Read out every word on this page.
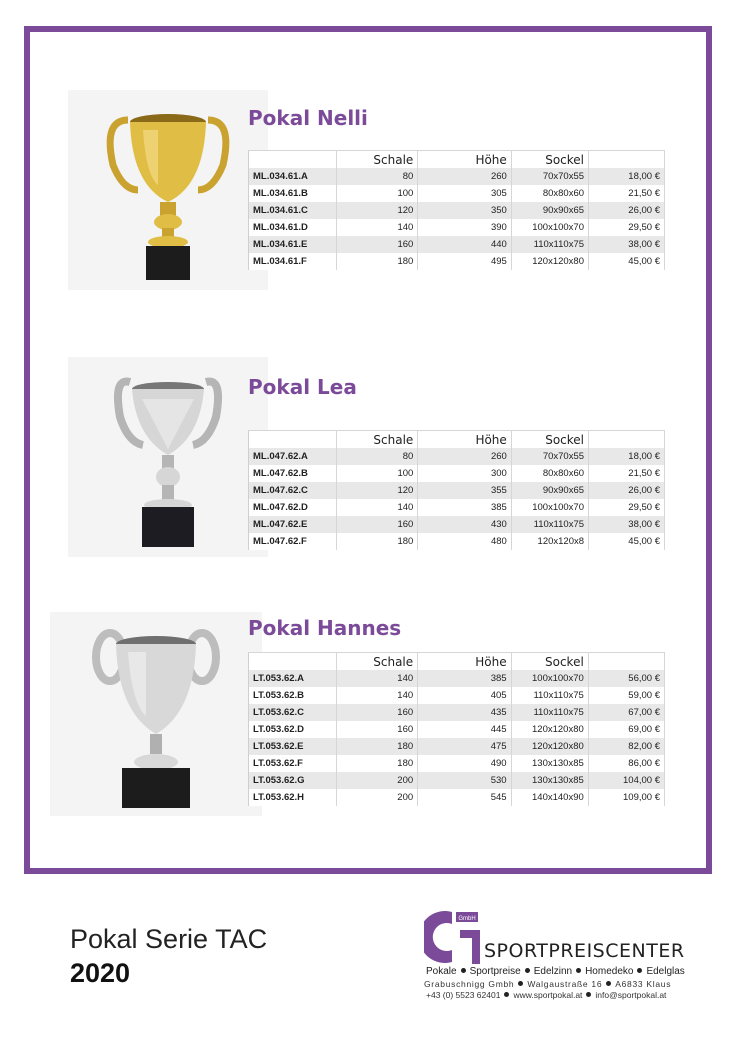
Pokal Nelli
	Schale	Höhe	Sockel	
ML.034.61.A	80	260	70x70x55	18,00 €
ML.034.61.B	100	305	80x80x60	21,50 €
ML.034.61.C	120	350	90x90x65	26,00 €
ML.034.61.D	140	390	100x100x70	29,50 €
ML.034.61.E	160	440	110x110x75	38,00 €
ML.034.61.F	180	495	120x120x80	45,00 €
Pokal Lea
	Schale	Höhe	Sockel	
ML.047.62.A	80	260	70x70x55	18,00 €
ML.047.62.B	100	300	80x80x60	21,50 €
ML.047.62.C	120	355	90x90x65	26,00 €
ML.047.62.D	140	385	100x100x70	29,50 €
ML.047.62.E	160	430	110x110x75	38,00 €
ML.047.62.F	180	480	120x120x8	45,00 €
Pokal Hannes
	Schale	Höhe	Sockel	
LT.053.62.A	140	385	100x100x70	56,00 €
LT.053.62.B	140	405	110x110x75	59,00 €
LT.053.62.C	160	435	110x110x75	67,00 €
LT.053.62.D	160	445	120x120x80	69,00 €
LT.053.62.E	180	475	120x120x80	82,00 €
LT.053.62.F	180	490	130x130x85	86,00 €
LT.053.62.G	200	530	130x130x85	104,00 €
LT.053.62.H	200	545	140x140x90	109,00 €
Pokal Serie TAC
2020
GmbH
SPORTPREISCENTER
Pokale Sportpreise Edelzinn Homedeko Edelglas
Grabuschnigg Gmbh Walgaustraße 16 A6833 Klaus
+43 (0) 5523 62401 www.sportpokal.at info@sportpokal.at
